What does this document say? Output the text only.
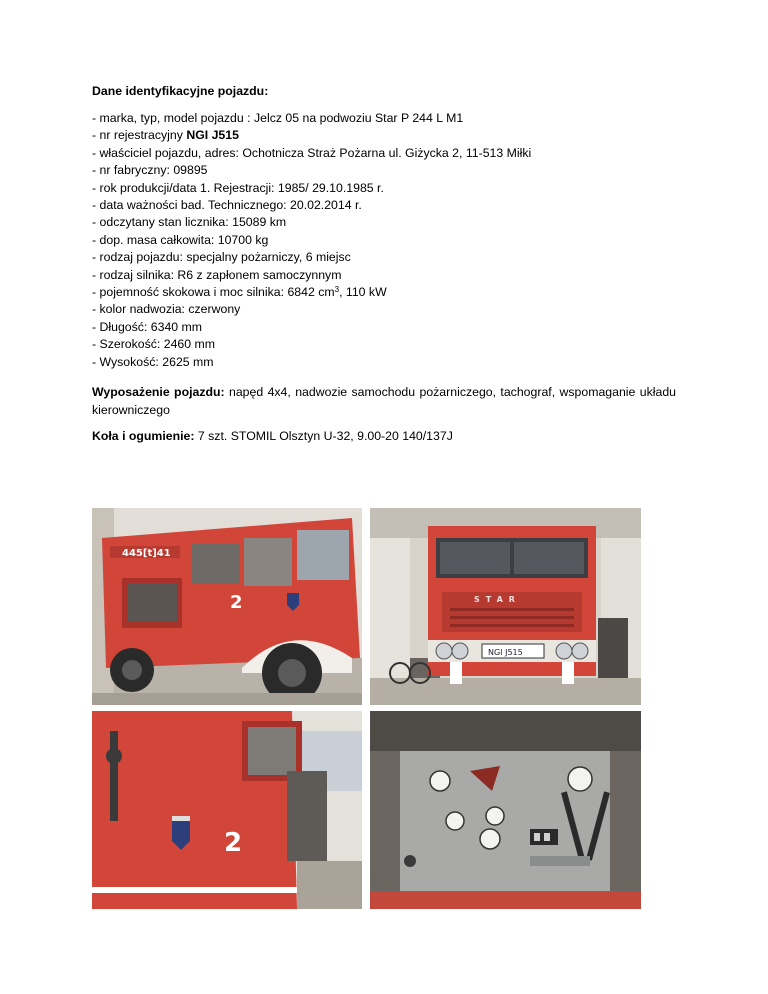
Dane identyfikacyjne pojazdu:
- marka, typ, model pojazdu : Jelcz 05 na podwoziu Star P 244 L M1
- nr rejestracyjny NGI J515
- właściciel pojazdu, adres: Ochotnicza Straż Pożarna ul. Giżycka 2, 11-513 Miłki
- nr fabryczny: 09895
- rok produkcji/data 1. Rejestracji: 1985/ 29.10.1985 r.
- data ważności bad. Technicznego: 20.02.2014 r.
- odczytany stan licznika: 15089 km
- dop. masa całkowita: 10700 kg
- rodzaj pojazdu: specjalny pożarniczy, 6 miejsc
- rodzaj silnika: R6 z zapłonem samoczynnym
- pojemność skokowa i moc silnika: 6842 $cm^3$, 110 kW
- kolor nadwozia: czerwony
- Długość: 6340 mm
- Szerokość: 2460 mm
- Wysokość: 2625 mm
Wyposażenie pojazdu: napęd 4x4, nadwozie samochodu pożarniczego, tachograf, wspomaganie układu kierowniczego
Koła i ogumienie: 7 szt. STOMIL Olsztyn U-32, 9.00-20 140/137J
445[t]41
2	STAR
NGI J515
2
